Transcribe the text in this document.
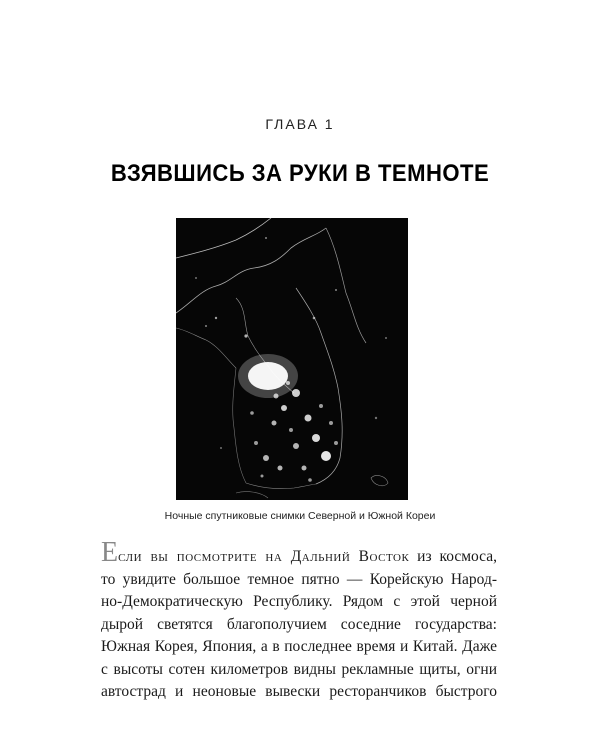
ГЛАВА 1
ВЗЯВШИСЬ ЗА РУКИ В ТЕМНОТЕ
Ночные спутниковые снимки Северной и Южной Кореи
Если вы посмотрите на Дальний Восток из космоса,
то увидите большое темное пятно — Корейскую Народ-
но-Демократическую Республику. Рядом с этой черной
дырой светятся благополучием соседние государства:
Южная Корея, Япония, а в последнее время и Китай. Даже
с высоты сотен километров видны рекламные щиты, огни
автострад и неоновые вывески ресторанчиков быстрого
